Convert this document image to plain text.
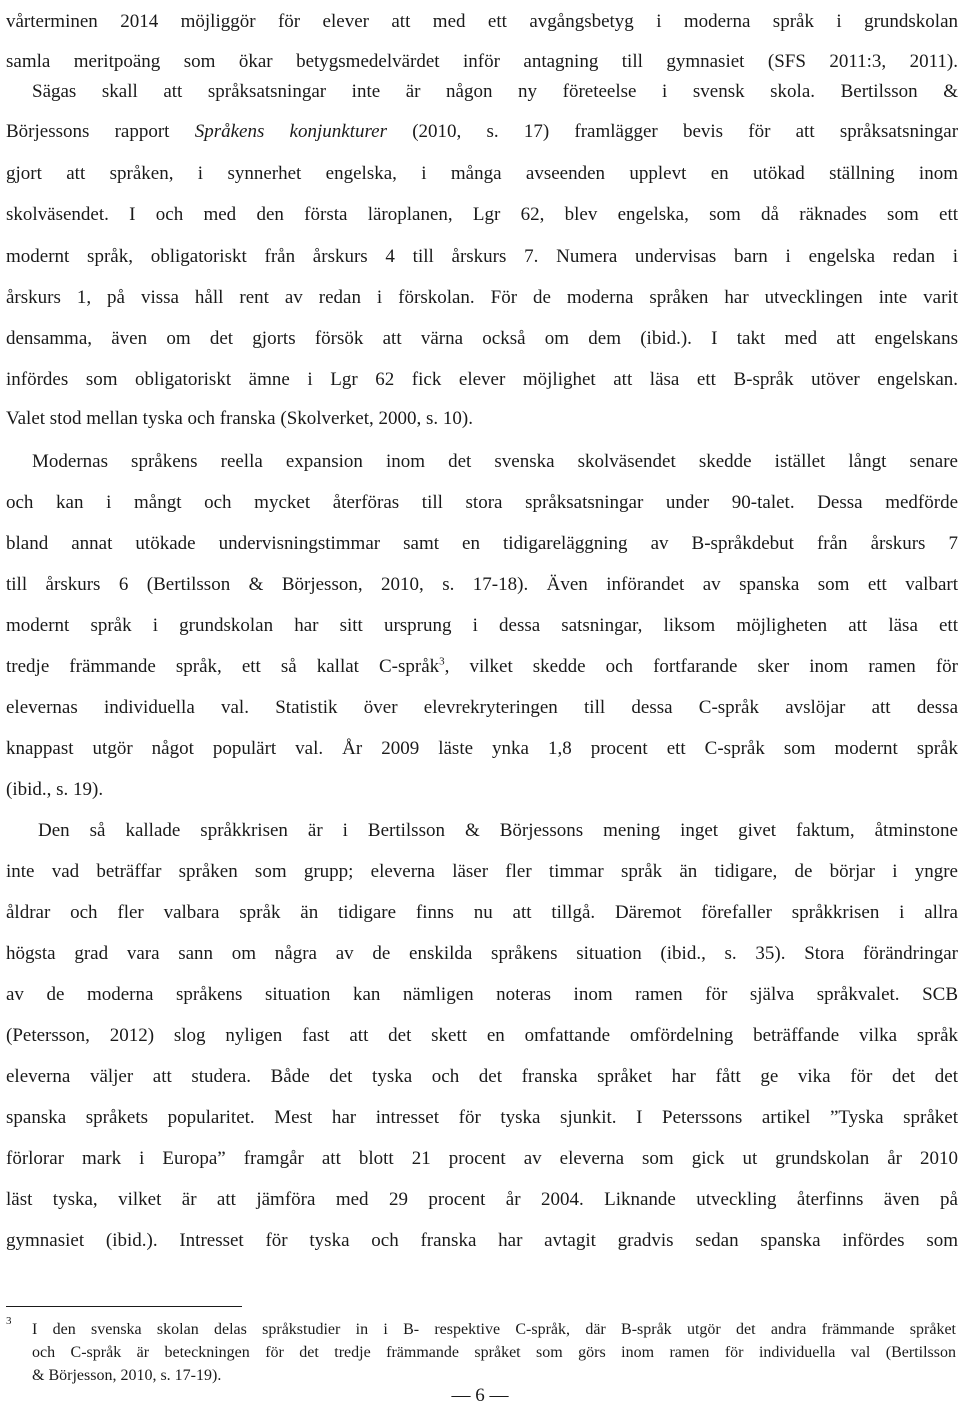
vårterminen 2014 möjliggör för elever att med ett avgångsbetyg i moderna språk i grundskolan
samla meritpoäng som ökar betygsmedelvärdet inför antagning till gymnasiet (SFS 2011:3, 2011).
Sägas skall att språksatsningar inte är någon ny företeelse i svensk skola. Bertilsson &
Börjessons rapport Språkens konjunkturer (2010, s. 17) framlägger bevis för att språksatsningar
gjort att språken, i synnerhet engelska, i många avseenden upplevt en utökad ställning inom
skolväsendet. I och med den första läroplanen, Lgr 62, blev engelska, som då räknades som ett
modernt språk, obligatoriskt från årskurs 4 till årskurs 7. Numera undervisas barn i engelska redan i
årskurs 1, på vissa håll rent av redan i förskolan. För de moderna språken har utvecklingen inte varit
densamma, även om det gjorts försök att värna också om dem (ibid.). I takt med att engelskans
infördes som obligatoriskt ämne i Lgr 62 fick elever möjlighet att läsa ett B-språk utöver engelskan.
Valet stod mellan tyska och franska (Skolverket, 2000, s. 10).
Modernas språkens reella expansion inom det svenska skolväsendet skedde istället långt senare
och kan i mångt och mycket återföras till stora språksatsningar under 90-talet. Dessa medförde
bland annat utökade undervisningstimmar samt en tidigareläggning av B-språkdebut från årskurs 7
till årskurs 6 (Bertilsson & Börjesson, 2010, s. 17-18). Även införandet av spanska som ett valbart
modernt språk i grundskolan har sitt ursprung i dessa satsningar, liksom möjligheten att läsa ett
tredje främmande språk, ett så kallat C-språk$^3$, vilket skedde och fortfarande sker inom ramen för
elevernas individuella val. Statistik över elevrekryteringen till dessa C-språk avslöjar att dessa
knappast utgör något populärt val. År 2009 läste ynka 1,8 procent ett C-språk som modernt språk
(ibid., s. 19).
Den så kallade språkkrisen är i Bertilsson & Börjessons mening inget givet faktum, åtminstone
inte vad beträffar språken som grupp; eleverna läser fler timmar språk än tidigare, de börjar i yngre
åldrar och fler valbara språk än tidigare finns nu att tillgå. Däremot förefaller språkkrisen i allra
högsta grad vara sann om några av de enskilda språkens situation (ibid., s. 35). Stora förändringar
av de moderna språkens situation kan nämligen noteras inom ramen för själva språkvalet. SCB
(Petersson, 2012) slog nyligen fast att det skett en omfattande omfördelning beträffande vilka språk
eleverna väljer att studera. Både det tyska och det franska språket har fått ge vika för det det
spanska språkets popularitet. Mest har intresset för tyska sjunkit. I Peterssons artikel ”Tyska språket
förlorar mark i Europa” framgår att blott 21 procent av eleverna som gick ut grundskolan år 2010
läst tyska, vilket är att jämföra med 29 procent år 2004. Liknande utveckling återfinns även på
gymnasiet (ibid.). Intresset för tyska och franska har avtagit gradvis sedan spanska infördes som
3 I den svenska skolan delas språkstudier in i B- respektive C-språk, där B-språk utgör det andra främmande språket
och C-språk är beteckningen för det tredje främmande språket som görs inom ramen för individuella val (Bertilsson
& Börjesson, 2010, s. 17-19).
— 6 —
